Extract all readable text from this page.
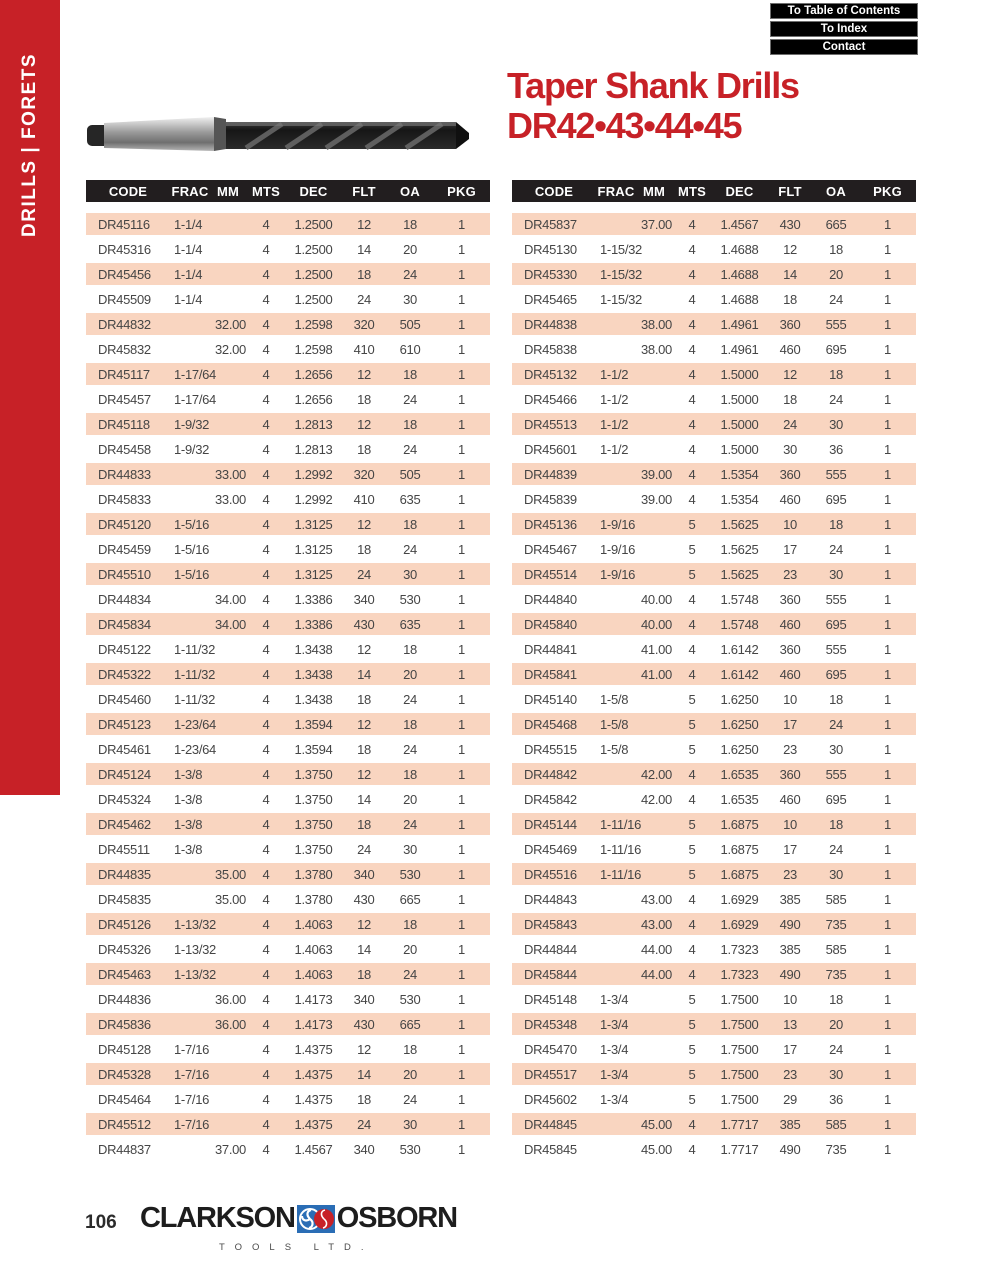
DRILLS | FORETS
To Table of Contents
To Index
Contact
Taper Shank Drills
DR42•43•44•45
CODE	FRAC	MM	MTS	DEC	FLT	OA	PKG
DR45116	1-1/4		4	1.2500	12	18	1
DR45316	1-1/4		4	1.2500	14	20	1
DR45456	1-1/4		4	1.2500	18	24	1
DR45509	1-1/4		4	1.2500	24	30	1
DR44832		32.00	4	1.2598	320	505	1
DR45832		32.00	4	1.2598	410	610	1
DR45117	1-17/64		4	1.2656	12	18	1
DR45457	1-17/64		4	1.2656	18	24	1
DR45118	1-9/32		4	1.2813	12	18	1
DR45458	1-9/32		4	1.2813	18	24	1
DR44833		33.00	4	1.2992	320	505	1
DR45833		33.00	4	1.2992	410	635	1
DR45120	1-5/16		4	1.3125	12	18	1
DR45459	1-5/16		4	1.3125	18	24	1
DR45510	1-5/16		4	1.3125	24	30	1
DR44834		34.00	4	1.3386	340	530	1
DR45834		34.00	4	1.3386	430	635	1
DR45122	1-11/32		4	1.3438	12	18	1
DR45322	1-11/32		4	1.3438	14	20	1
DR45460	1-11/32		4	1.3438	18	24	1
DR45123	1-23/64		4	1.3594	12	18	1
DR45461	1-23/64		4	1.3594	18	24	1
DR45124	1-3/8		4	1.3750	12	18	1
DR45324	1-3/8		4	1.3750	14	20	1
DR45462	1-3/8		4	1.3750	18	24	1
DR45511	1-3/8		4	1.3750	24	30	1
DR44835		35.00	4	1.3780	340	530	1
DR45835		35.00	4	1.3780	430	665	1
DR45126	1-13/32		4	1.4063	12	18	1
DR45326	1-13/32		4	1.4063	14	20	1
DR45463	1-13/32		4	1.4063	18	24	1
DR44836		36.00	4	1.4173	340	530	1
DR45836		36.00	4	1.4173	430	665	1
DR45128	1-7/16		4	1.4375	12	18	1
DR45328	1-7/16		4	1.4375	14	20	1
DR45464	1-7/16		4	1.4375	18	24	1
DR45512	1-7/16		4	1.4375	24	30	1
DR44837		37.00	4	1.4567	340	530	1
CODE	FRAC	MM	MTS	DEC	FLT	OA	PKG
DR45837		37.00	4	1.4567	430	665	1
DR45130	1-15/32		4	1.4688	12	18	1
DR45330	1-15/32		4	1.4688	14	20	1
DR45465	1-15/32		4	1.4688	18	24	1
DR44838		38.00	4	1.4961	360	555	1
DR45838		38.00	4	1.4961	460	695	1
DR45132	1-1/2		4	1.5000	12	18	1
DR45466	1-1/2		4	1.5000	18	24	1
DR45513	1-1/2		4	1.5000	24	30	1
DR45601	1-1/2		4	1.5000	30	36	1
DR44839		39.00	4	1.5354	360	555	1
DR45839		39.00	4	1.5354	460	695	1
DR45136	1-9/16		5	1.5625	10	18	1
DR45467	1-9/16		5	1.5625	17	24	1
DR45514	1-9/16		5	1.5625	23	30	1
DR44840		40.00	4	1.5748	360	555	1
DR45840		40.00	4	1.5748	460	695	1
DR44841		41.00	4	1.6142	360	555	1
DR45841		41.00	4	1.6142	460	695	1
DR45140	1-5/8		5	1.6250	10	18	1
DR45468	1-5/8		5	1.6250	17	24	1
DR45515	1-5/8		5	1.6250	23	30	1
DR44842		42.00	4	1.6535	360	555	1
DR45842		42.00	4	1.6535	460	695	1
DR45144	1-11/16		5	1.6875	10	18	1
DR45469	1-11/16		5	1.6875	17	24	1
DR45516	1-11/16		5	1.6875	23	30	1
DR44843		43.00	4	1.6929	385	585	1
DR45843		43.00	4	1.6929	490	735	1
DR44844		44.00	4	1.7323	385	585	1
DR45844		44.00	4	1.7323	490	735	1
DR45148	1-3/4		5	1.7500	10	18	1
DR45348	1-3/4		5	1.7500	13	20	1
DR45470	1-3/4		5	1.7500	17	24	1
DR45517	1-3/4		5	1.7500	23	30	1
DR45602	1-3/4		5	1.7500	29	36	1
DR44845		45.00	4	1.7717	385	585	1
DR45845		45.00	4	1.7717	490	735	1
106 CLARKSON OSBORN
TOOLS LTD.
